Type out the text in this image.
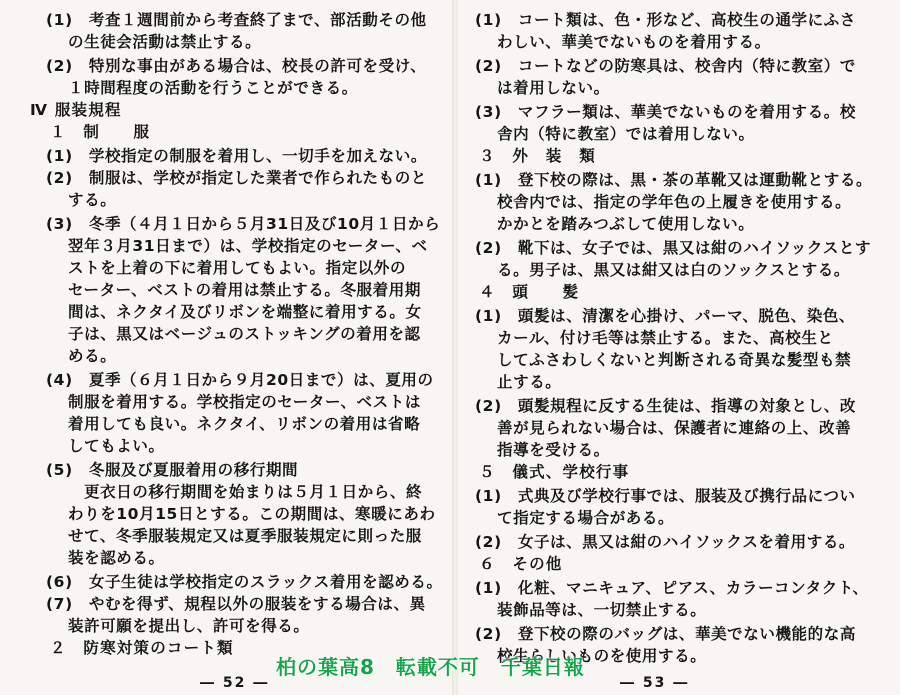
(1)　考査１週間前から考査終了まで、部活動その他
の生徒会活動は禁止する。
(2)　特別な事由がある場合は、校長の許可を受け、
１時間程度の活動を行うことができる。
Ⅳ 服装規程
１　制　　服
(1)　学校指定の制服を着用し、一切手を加えない。
(2)　制服は、学校が指定した業者で作られたものと
する。
(3)　冬季（４月１日から５月31日及び10月１日から
翌年３月31日まで）は、学校指定のセーター、ベ
ストを上着の下に着用してもよい。指定以外の
セーター、ベストの着用は禁止する。冬服着用期
間は、ネクタイ及びリボンを端整に着用する。女
子は、黒又はベージュのストッキングの着用を認
める。
(4)　夏季（６月１日から９月20日まで）は、夏用の
制服を着用する。学校指定のセーター、ベストは
着用しても良い。ネクタイ、リボンの着用は省略
してもよい。
(5)　冬服及び夏服着用の移行期間
更衣日の移行期間を始まりは５月１日から、終
わりを10月15日とする。この期間は、寒暖にあわ
せて、冬季服装規定又は夏季服装規定に則った服
装を認める。
(6)　女子生徒は学校指定のスラックス着用を認める。
(7)　やむを得ず、規程以外の服装をする場合は、異
装許可願を提出し、許可を得る。
２　防寒対策のコート類
― 52 ―
(1)　コート類は、色・形など、高校生の通学にふさ
わしい、華美でないものを着用する。
(2)　コートなどの防寒具は、校舎内（特に教室）で
は着用しない。
(3)　マフラー類は、華美でないものを着用する。校
舎内（特に教室）では着用しない。
３　外　装　類
(1)　登下校の際は、黒・茶の革靴又は運動靴とする。
校舎内では、指定の学年色の上履きを使用する。
かかとを踏みつぶして使用しない。
(2)　靴下は、女子では、黒又は紺のハイソックスとす
る。男子は、黒又は紺又は白のソックスとする。
４　頭　　髪
(1)　頭髪は、清潔を心掛け、パーマ、脱色、染色、
カール、付け毛等は禁止する。また、高校生と
してふさわしくないと判断される奇異な髪型も禁
止する。
(2)　頭髪規程に反する生徒は、指導の対象とし、改
善が見られない場合は、保護者に連絡の上、改善
指導を受ける。
５　儀式、学校行事
(1)　式典及び学校行事では、服装及び携行品につい
て指定する場合がある。
(2)　女子は、黒又は紺のハイソックスを着用する。
６　その他
(1)　化粧、マニキュア、ピアス、カラーコンタクト、
装飾品等は、一切禁止する。
(2)　登下校の際のバッグは、華美でない機能的な高
校生らしいものを使用する。
― 53 ―
柏の葉高8　転載不可　千葉日報
